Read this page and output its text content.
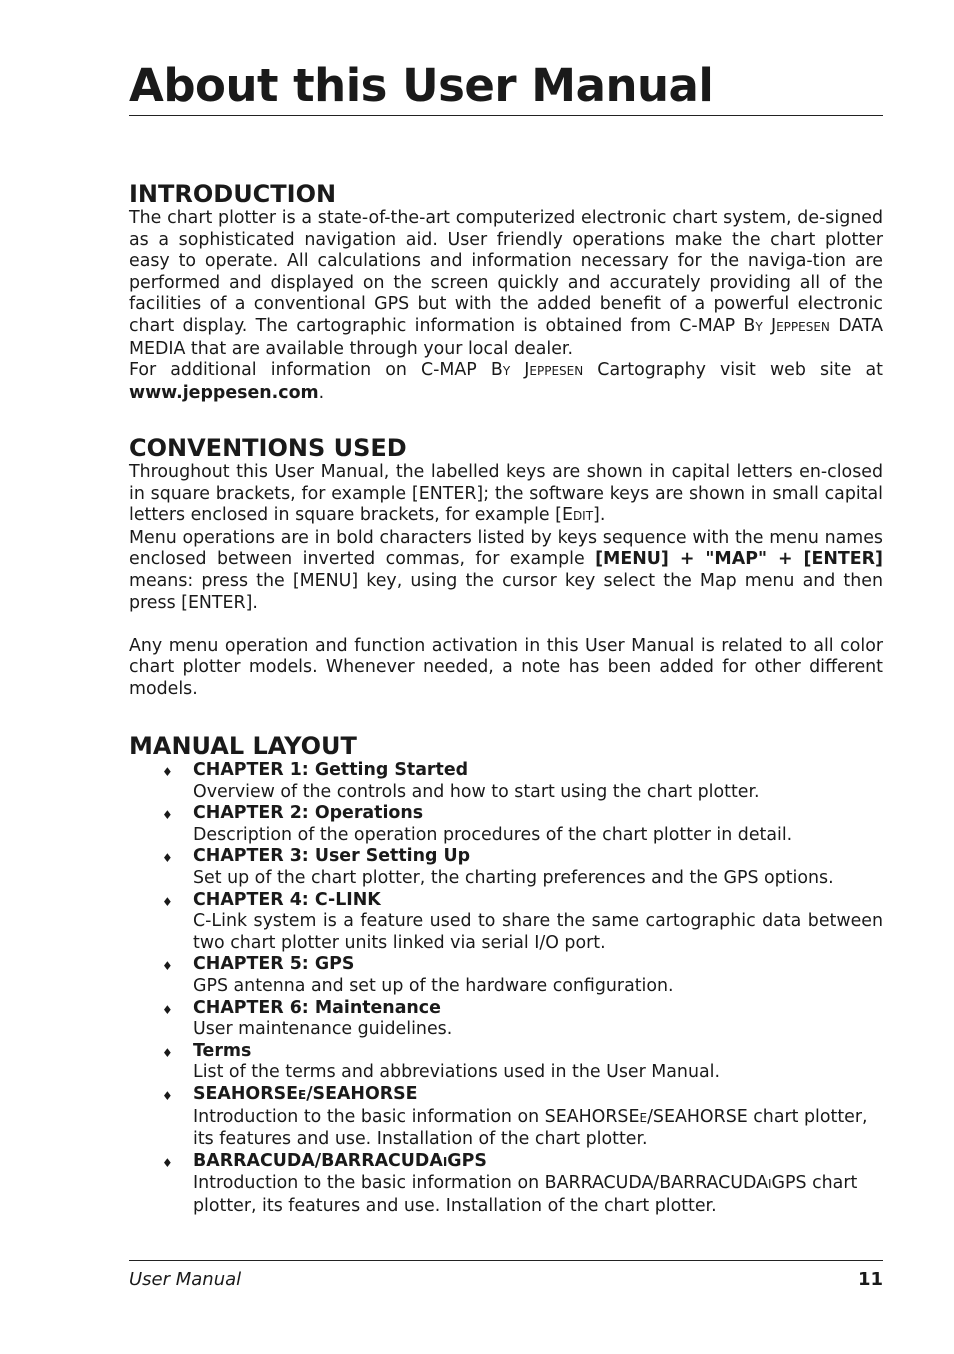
About this User Manual
INTRODUCTION

The chart plotter is a state-of-the-art computerized electronic chart system, de-signed as a sophisticated navigation aid. User friendly operations make the chart plotter easy to operate. All calculations and information necessary for the naviga-tion are performed and displayed on the screen quickly and accurately providing all of the facilities of a conventional GPS but with the added benefit of a powerful electronic chart display. The cartographic information is obtained from C-MAP BY JEPPESEN DATA MEDIA that are available through your local dealer.

For additional information on C-MAP BY JEPPESEN Cartography visit web site at www.jeppesen.com.

CONVENTIONS USED

Throughout this User Manual, the labelled keys are shown in capital letters en-closed in square brackets, for example [ENTER]; the software keys are shown in small capital letters enclosed in square brackets, for example [EDIT].

Menu operations are in bold characters listed by keys sequence with the menu names enclosed between inverted commas, for example [MENU] + "MAP" + [ENTER] means: press the [MENU] key, using the cursor key select the Map menu and then press [ENTER].

Any menu operation and function activation in this User Manual is related to all color chart plotter models. Whenever needed, a note has been added for other different models.

MANUAL LAYOUT
♦ CHAPTER 1: Getting Started
Overview of the controls and how to start using the chart plotter.
♦ CHAPTER 2: Operations
Description of the operation procedures of the chart plotter in detail.
♦ CHAPTER 3: User Setting Up
Set up of the chart plotter, the charting preferences and the GPS options.
♦ CHAPTER 4: C-LINK
C-Link system is a feature used to share the same cartographic data between two chart plotter units linked via serial I/O port.
♦ CHAPTER 5: GPS
GPS antenna and set up of the hardware configuration.
♦ CHAPTER 6: Maintenance
User maintenance guidelines.
♦ Terms
List of the terms and abbreviations used in the User Manual.
♦ SEAHORSEE/SEAHORSE
Introduction to the basic information on SEAHORSEE/SEAHORSE chart plotter, its features and use. Installation of the chart plotter.
♦ BARRACUDA/BARRACUDAIGPS
Introduction to the basic information on BARRACUDA/BARRACUDAIGPS chart plotter, its features and use. Installation of the chart plotter.
User Manual	11
